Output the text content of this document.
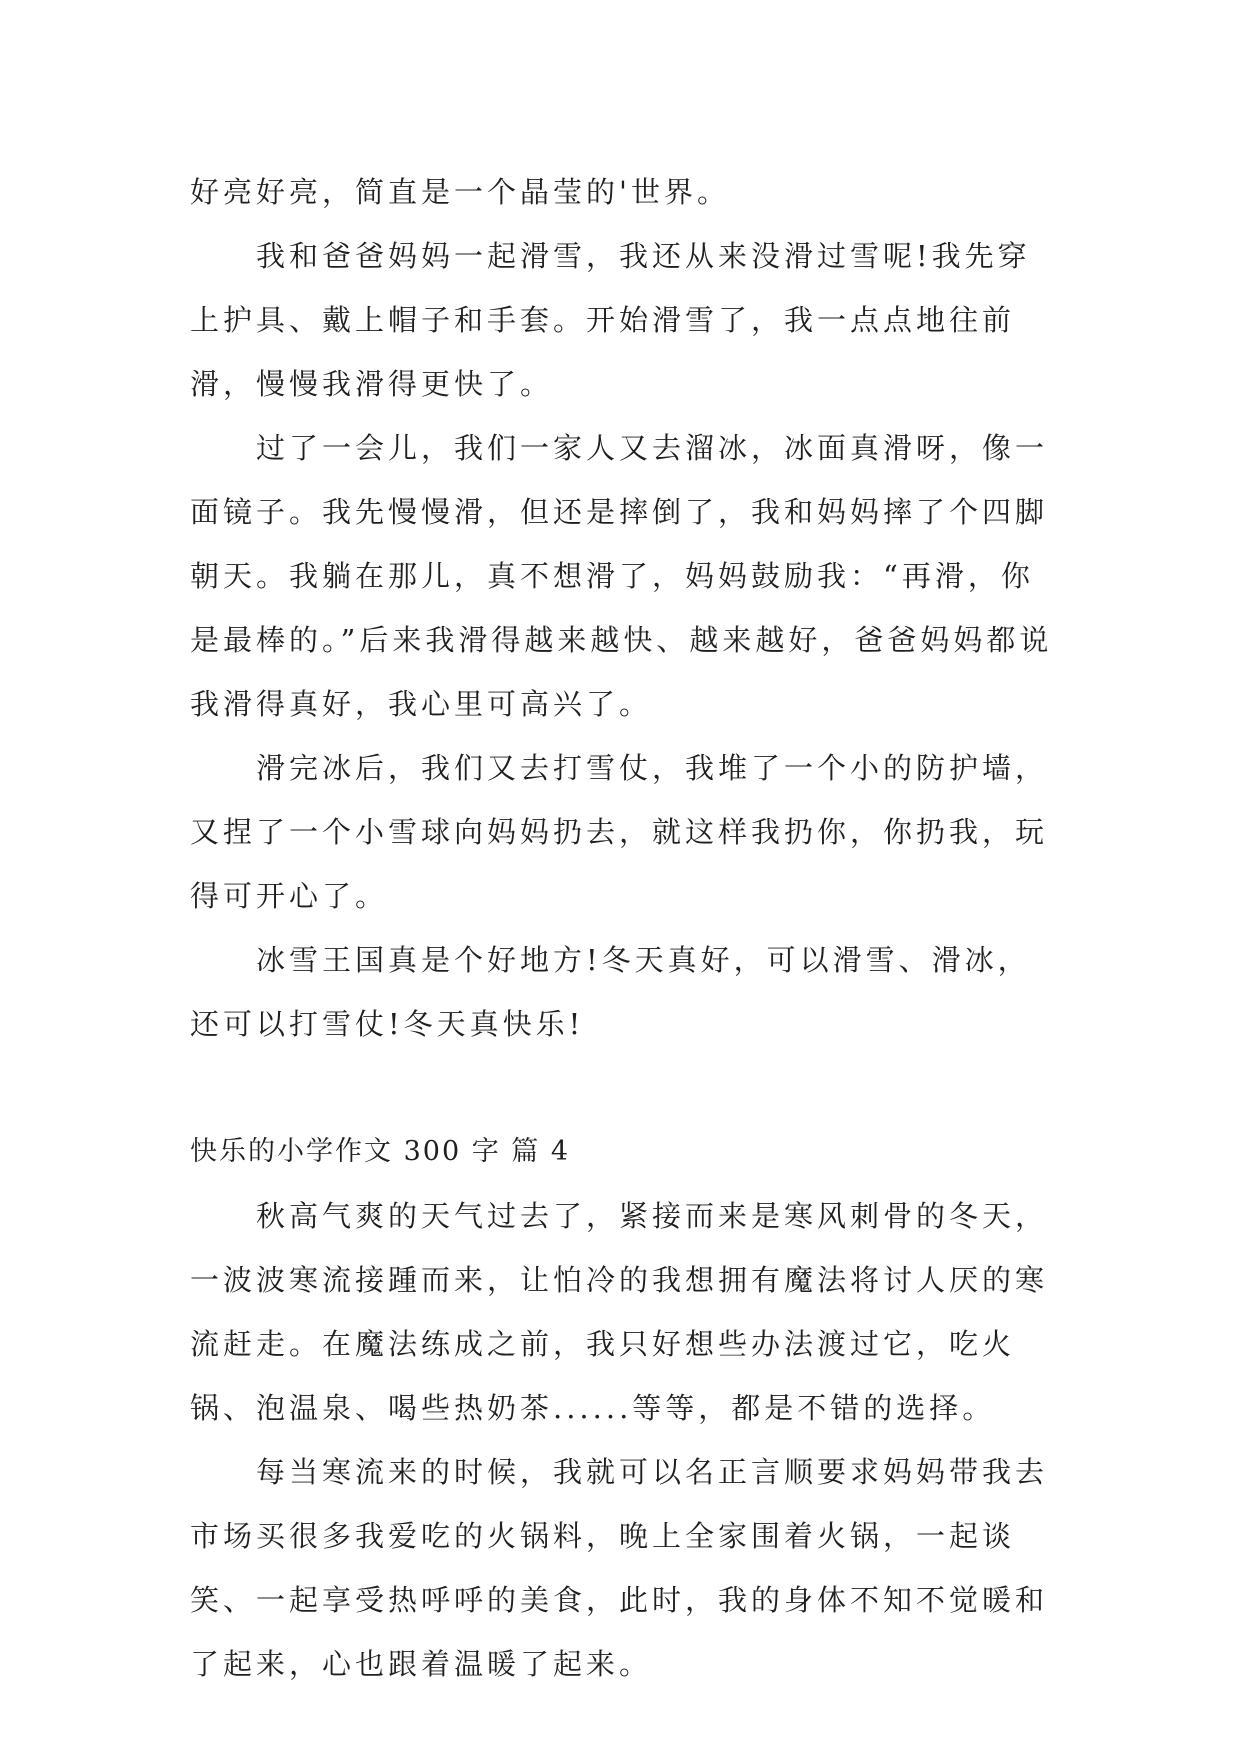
好亮好亮，简直是一个晶莹的'世界。

我和爸爸妈妈一起滑雪，我还从来没滑过雪呢!我先穿上护具、戴上帽子和手套。开始滑雪了，我一点点地往前滑，慢慢我滑得更快了。

过了一会儿，我们一家人又去溜冰，冰面真滑呀，像一面镜子。我先慢慢滑，但还是摔倒了，我和妈妈摔了个四脚朝天。我躺在那儿，真不想滑了，妈妈鼓励我：“再滑，你是最棒的。”后来我滑得越来越快、越来越好，爸爸妈妈都说我滑得真好，我心里可高兴了。

滑完冰后，我们又去打雪仗，我堆了一个小的防护墙，又捏了一个小雪球向妈妈扔去，就这样我扔你，你扔我，玩得可开心了。

冰雪王国真是个好地方!冬天真好，可以滑雪、滑冰，还可以打雪仗!冬天真快乐!

快乐的小学作文 300 字 篇 4

秋高气爽的天气过去了，紧接而来是寒风刺骨的冬天，一波波寒流接踵而来，让怕冷的我想拥有魔法将讨人厌的寒流赶走。在魔法练成之前，我只好想些办法渡过它，吃火锅、泡温泉、喝些热奶茶......等等，都是不错的选择。

每当寒流来的时候，我就可以名正言顺要求妈妈带我去市场买很多我爱吃的火锅料，晚上全家围着火锅，一起谈笑、一起享受热呼呼的美食，此时，我的身体不知不觉暖和了起来，心也跟着温暖了起来。
